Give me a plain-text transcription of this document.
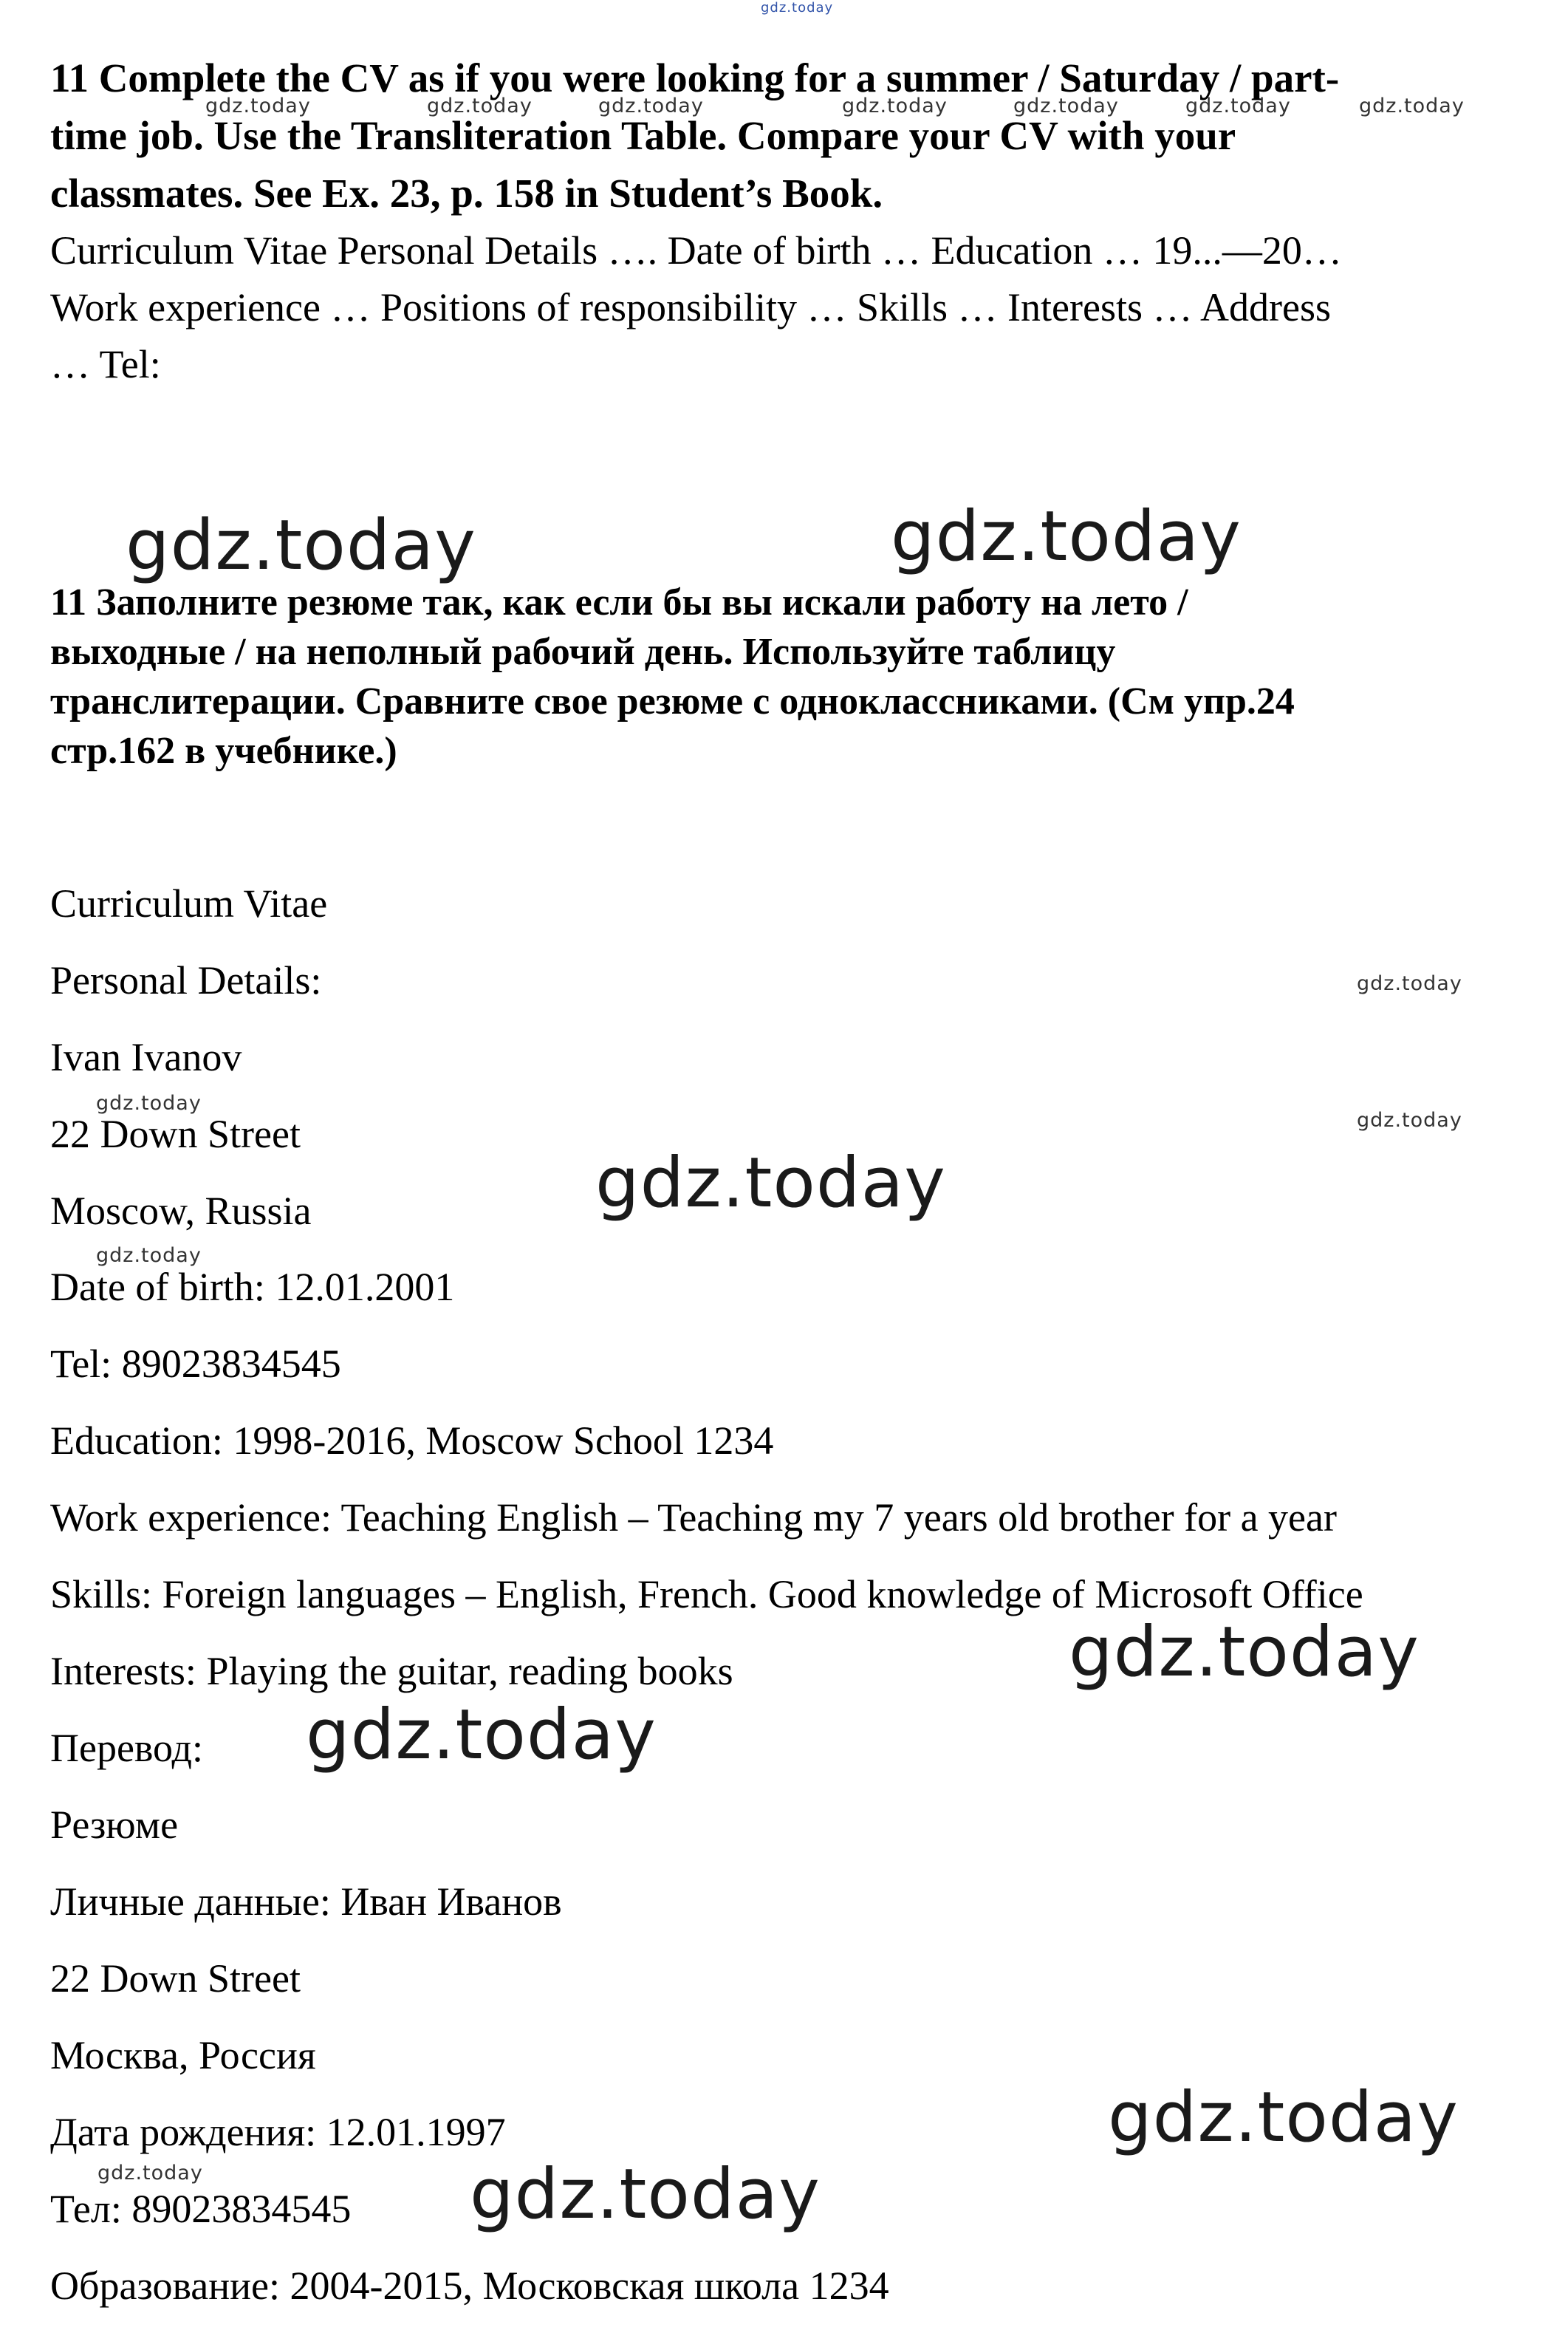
gdz.today
11 Complete the CV as if you were looking for a summer / Saturday / part-
time job. Use the Transliteration Table. Compare your CV with your
classmates. See Ex. 23, p. 158 in Student’s Book.
Curriculum Vitae Personal Details …. Date of birth … Education … 19...—20…
Work experience … Positions of responsibility … Skills … Interests … Address
… Tel:
gdz.today	gdz.today	gdz.today	gdz.today	gdz.today	gdz.today	gdz.today
gdz.today	gdz.today
11 Заполните резюме так, как если бы вы искали работу на лето /
выходные / на неполный рабочий день. Используйте таблицу
транслитерации. Сравните свое резюме с одноклассниками. (См упр.24
стр.162 в учебнике.)
Curriculum Vitae
Personal Details:	gdz.today
Ivan Ivanov
gdz.today
22 Down Street	gdz.today
gdz.today
Moscow, Russia
gdz.today
Date of birth: 12.01.2001
Tel: 89023834545
Education: 1998-2016, Moscow School 1234
Work experience: Teaching English – Teaching my 7 years old brother for a year
Skills: Foreign languages – English, French. Good knowledge of Microsoft Office
gdz.today
Interests: Playing the guitar, reading books
Перевод: gdz.today
Резюме
Личные данные: Иван Иванов
22 Down Street
Москва, Россия
gdz.today
Дата рождения: 12.01.1997
gdz.today	gdz.today
Тел: 89023834545
Образование: 2004-2015, Московская школа 1234
